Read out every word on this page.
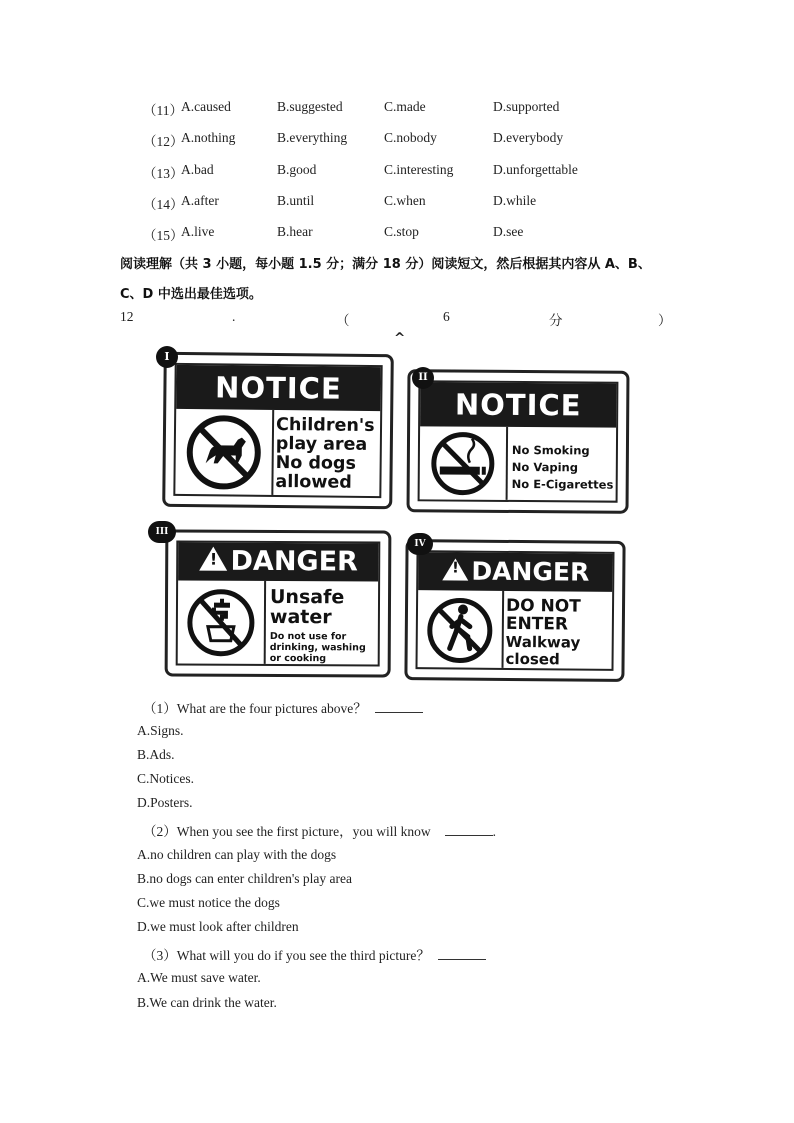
（11）
A.caused	B.suggested	C.made	D.supported
（12）
A.nothing	B.everything	C.nobody	D.everybody
（13）
A.bad	B.good	C.interesting	D.unforgettable
（14）
A.after	B.until	C.when	D.while
（15）
A.live	B.hear	C.stop	D.see
阅读理解（共 3 小题，每小题 1.5 分；满分 18 分）阅读短文，然后根据其内容从 A、B、
C、D 中选出最佳选项。
12	.	（	6	分	）
^
NOTICE
Children's
play area
No dogs
allowed
I
NOTICE
No Smoking
No Vaping
No E-Cigarettes
II
! DANGER
Unsafe
water
Do not use for
drinking, washing
or cooking
III
! DANGER
DO NOT
ENTER
Walkway
closed
IV
（1）What are the four pictures above？
A.Signs.
B.Ads.
C.Notices.
D.Posters.
（2）When you see the first picture，you will know	.
A.no children can play with the dogs
B.no dogs can enter children's play area
C.we must notice the dogs
D.we must look after children
（3）What will you do if you see the third picture？
A.We must save water.
B.We can drink the water.
